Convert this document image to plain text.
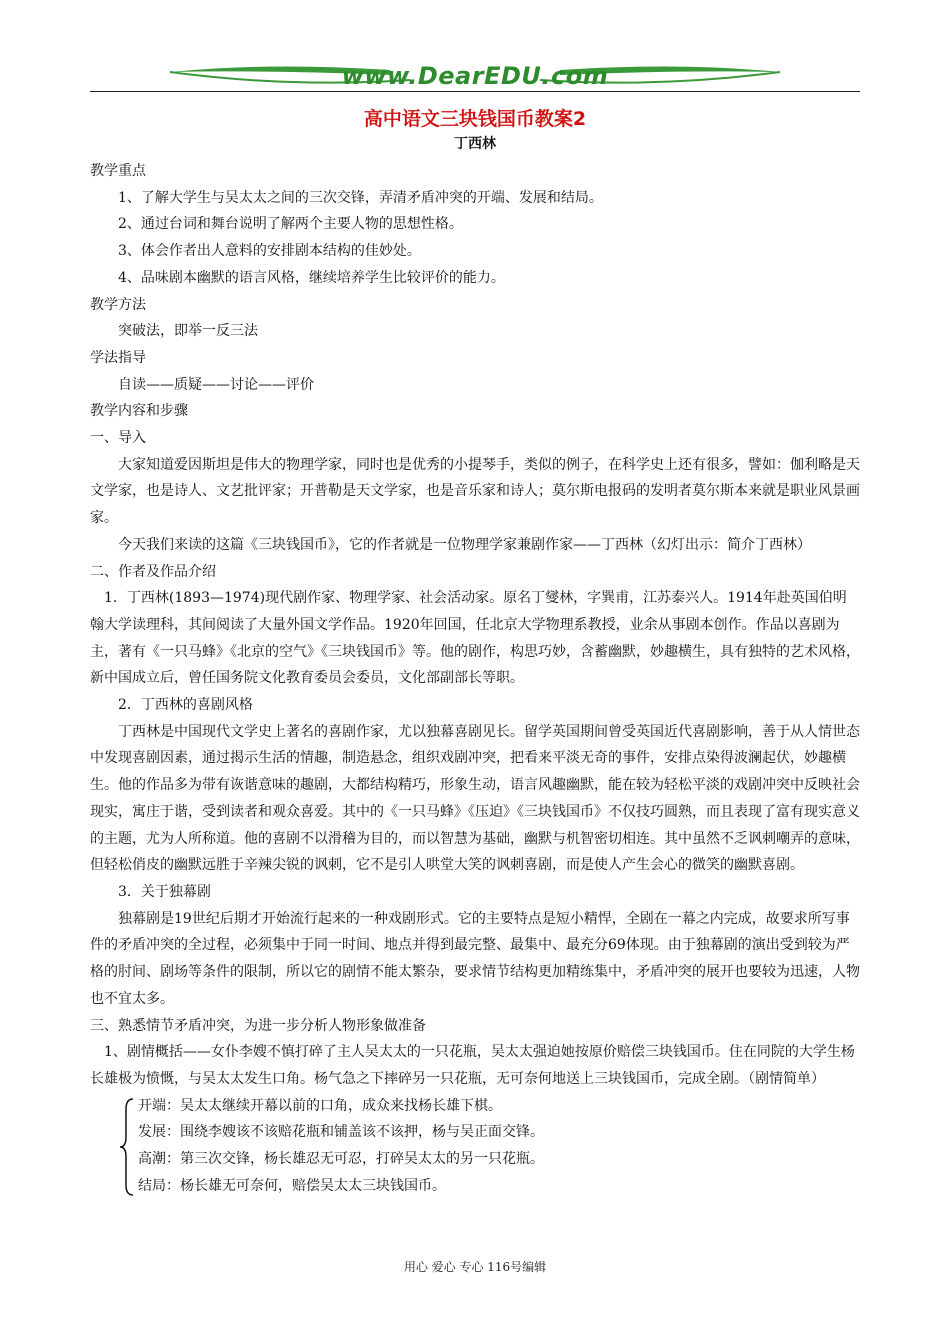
www.DearEDU.com
高中语文三块钱国币教案2
丁西林

教学重点

1、了解大学生与吴太太之间的三次交锋，弄清矛盾冲突的开端、发展和结局。

2、通过台词和舞台说明了解两个主要人物的思想性格。

3、体会作者出人意料的安排剧本结构的佳妙处。

4、品味剧本幽默的语言风格，继续培养学生比较评价的能力。

教学方法

突破法，即举一反三法

学法指导

自读——质疑——讨论——评价

教学内容和步骤

一、导入

大家知道爱因斯坦是伟大的物理学家，同时也是优秀的小提琴手，类似的例子，在科学史上还有很多，譬如：伽利略是天文学家，也是诗人、文艺批评家；开普勒是天文学家，也是音乐家和诗人；莫尔斯电报码的发明者莫尔斯本来就是职业风景画家。

今天我们来读的这篇《三块钱国币》，它的作者就是一位物理学家兼剧作家——丁西林（幻灯出示：简介丁西林）

二、作者及作品介绍

1．丁西林(1893—1974)现代剧作家、物理学家、社会活动家。原名丁燮林，字巽甫，江苏泰兴人。1914年赴英国伯明翰大学读理科，其间阅读了大量外国文学作品。1920年回国，任北京大学物理系教授，业余从事剧本创作。作品以喜剧为主，著有《一只马蜂》《北京的空气》《三块钱国币》等。他的剧作，构思巧妙，含蓄幽默，妙趣横生，具有独特的艺术风格，新中国成立后，曾任国务院文化教育委员会委员，文化部副部长等职。

2．丁西林的喜剧风格

丁西林是中国现代文学史上著名的喜剧作家，尤以独幕喜剧见长。留学英国期间曾受英国近代喜剧影响，善于从人情世态中发现喜剧因素，通过揭示生活的情趣，制造悬念，组织戏剧冲突，把看来平淡无奇的事件，安排点染得波澜起伏，妙趣横生。他的作品多为带有诙谐意味的趣剧，大都结构精巧，形象生动，语言风趣幽默，能在较为轻松平淡的戏剧冲突中反映社会现实，寓庄于谐，受到读者和观众喜爱。其中的《一只马蜂》《压迫》《三块钱国币》不仅技巧圆熟，而且表现了富有现实意义的主题，尤为人所称道。他的喜剧不以滑稽为目的，而以智慧为基础，幽默与机智密切相连。其中虽然不乏讽刺嘲弄的意味，但轻松俏皮的幽默远胜于辛辣尖锐的讽刺，它不是引人哄堂大笑的讽刺喜剧，而是使人产生会心的微笑的幽默喜剧。

3．关于独幕剧

独幕剧是19世纪后期才开始流行起来的一种戏剧形式。它的主要特点是短小精悍，全剧在一幕之内完成，故要求所写事件的矛盾冲突的全过程，必须集中于同一时间、地点并得到最完整、最集中、最充分69体现。由于独幕剧的演出受到较为严格的肘间、剧场等条件的限制，所以它的剧情不能太繁杂，要求情节结构更加精练集中，矛盾冲突的展开也要较为迅速，人物也不宜太多。

三、熟悉情节矛盾冲突，为进一步分析人物形象做准备

1、剧情概括——女仆李嫂不慎打碎了主人吴太太的一只花瓶，吴太太强迫她按原价赔偿三块钱国币。住在同院的大学生杨长雄极为愤慨，与吴太太发生口角。杨气急之下摔碎另一只花瓶，无可奈何地送上三块钱国币，完成全剧。（剧情简单）

开端：吴太太继续开幕以前的口角，成众来找杨长雄下棋。

发展：围绕李嫂该不该赔花瓶和铺盖该不该押，杨与吴正面交锋。

高潮：第三次交锋，杨长雄忍无可忍，打碎吴太太的另一只花瓶。

结局：杨长雄无可奈何，赔偿吴太太三块钱国币。

用心 爱心 专心 116号编辑
